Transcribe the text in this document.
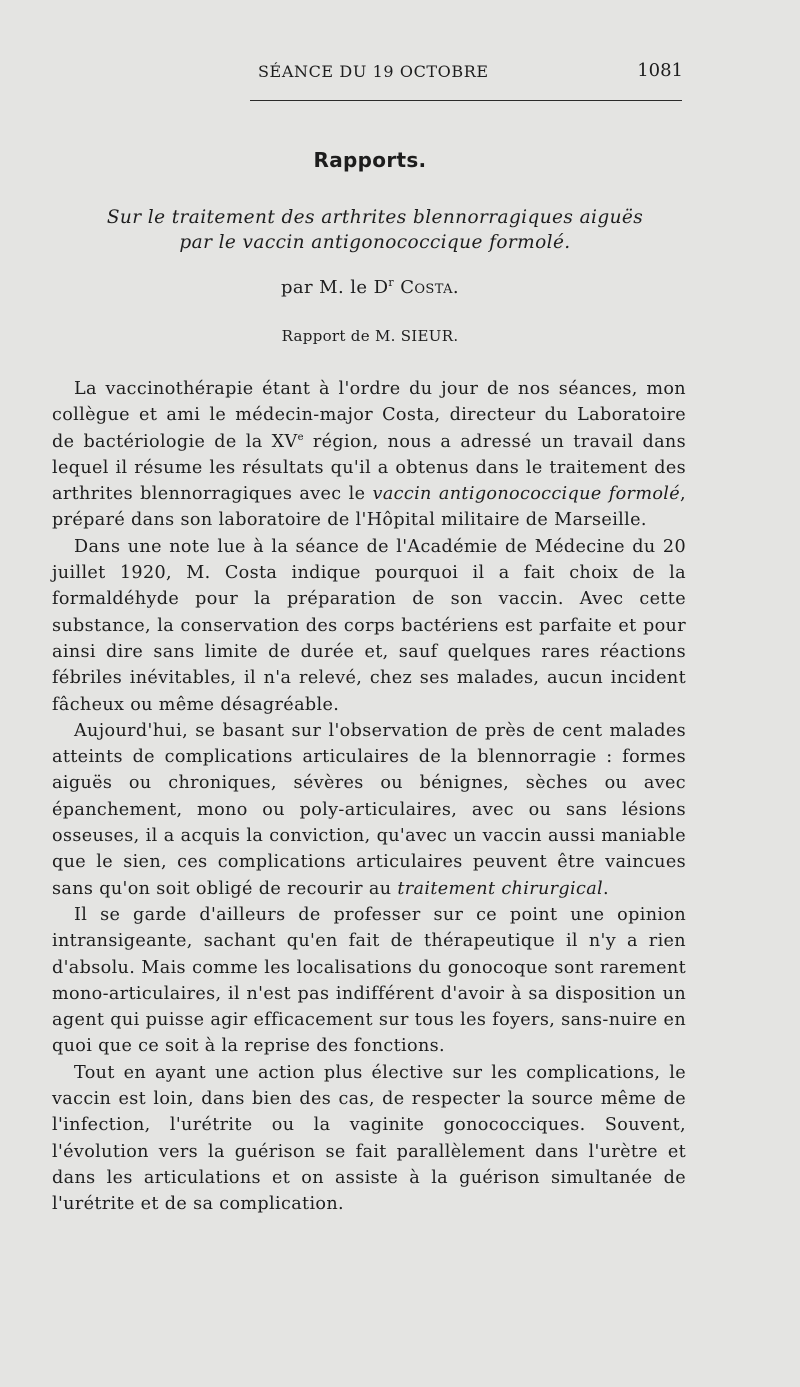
SÉANCE DU 19 OCTOBRE	1081
Rapports.
Sur le traitement des arthrites blennorragiques aiguës
par le vaccin antigonococcique formolé.
par M. le $D^r$ Costa.
Rapport de M. SIEUR.

La vaccinothérapie étant à l'ordre du jour de nos séances, mon collègue et ami le médecin-major Costa, directeur du Laboratoire de bactériologie de la XVe région, nous a adressé un travail dans lequel il résume les résultats qu'il a obtenus dans le traitement des arthrites blennorragiques avec le vaccin antigonococcique formolé, préparé dans son laboratoire de l'Hôpital militaire de Marseille.

Dans une note lue à la séance de l'Académie de Médecine du 20 juillet 1920, M. Costa indique pourquoi il a fait choix de la formaldéhyde pour la préparation de son vaccin. Avec cette substance, la conservation des corps bactériens est parfaite et pour ainsi dire sans limite de durée et, sauf quelques rares réactions fébriles inévitables, il n'a relevé, chez ses malades, aucun incident fâcheux ou même désagréable.

Aujourd'hui, se basant sur l'observation de près de cent malades atteints de complications articulaires de la blennorragie : formes aiguës ou chroniques, sévères ou bénignes, sèches ou avec épanchement, mono ou poly-articulaires, avec ou sans lésions osseuses, il a acquis la conviction, qu'avec un vaccin aussi maniable que le sien, ces complications articulaires peuvent être vaincues sans qu'on soit obligé de recourir au traitement chirurgical.

Il se garde d'ailleurs de professer sur ce point une opinion intransigeante, sachant qu'en fait de thérapeutique il n'y a rien d'absolu. Mais comme les localisations du gonocoque sont rarement mono-articulaires, il n'est pas indifférent d'avoir à sa disposition un agent qui puisse agir efficacement sur tous les foyers, sans-nuire en quoi que ce soit à la reprise des fonctions.

Tout en ayant une action plus élective sur les complications, le vaccin est loin, dans bien des cas, de respecter la source même de l'infection, l'urétrite ou la vaginite gonococciques. Souvent, l'évolution vers la guérison se fait parallèlement dans l'urètre et dans les articulations et on assiste à la guérison simultanée de l'urétrite et de sa complication.
